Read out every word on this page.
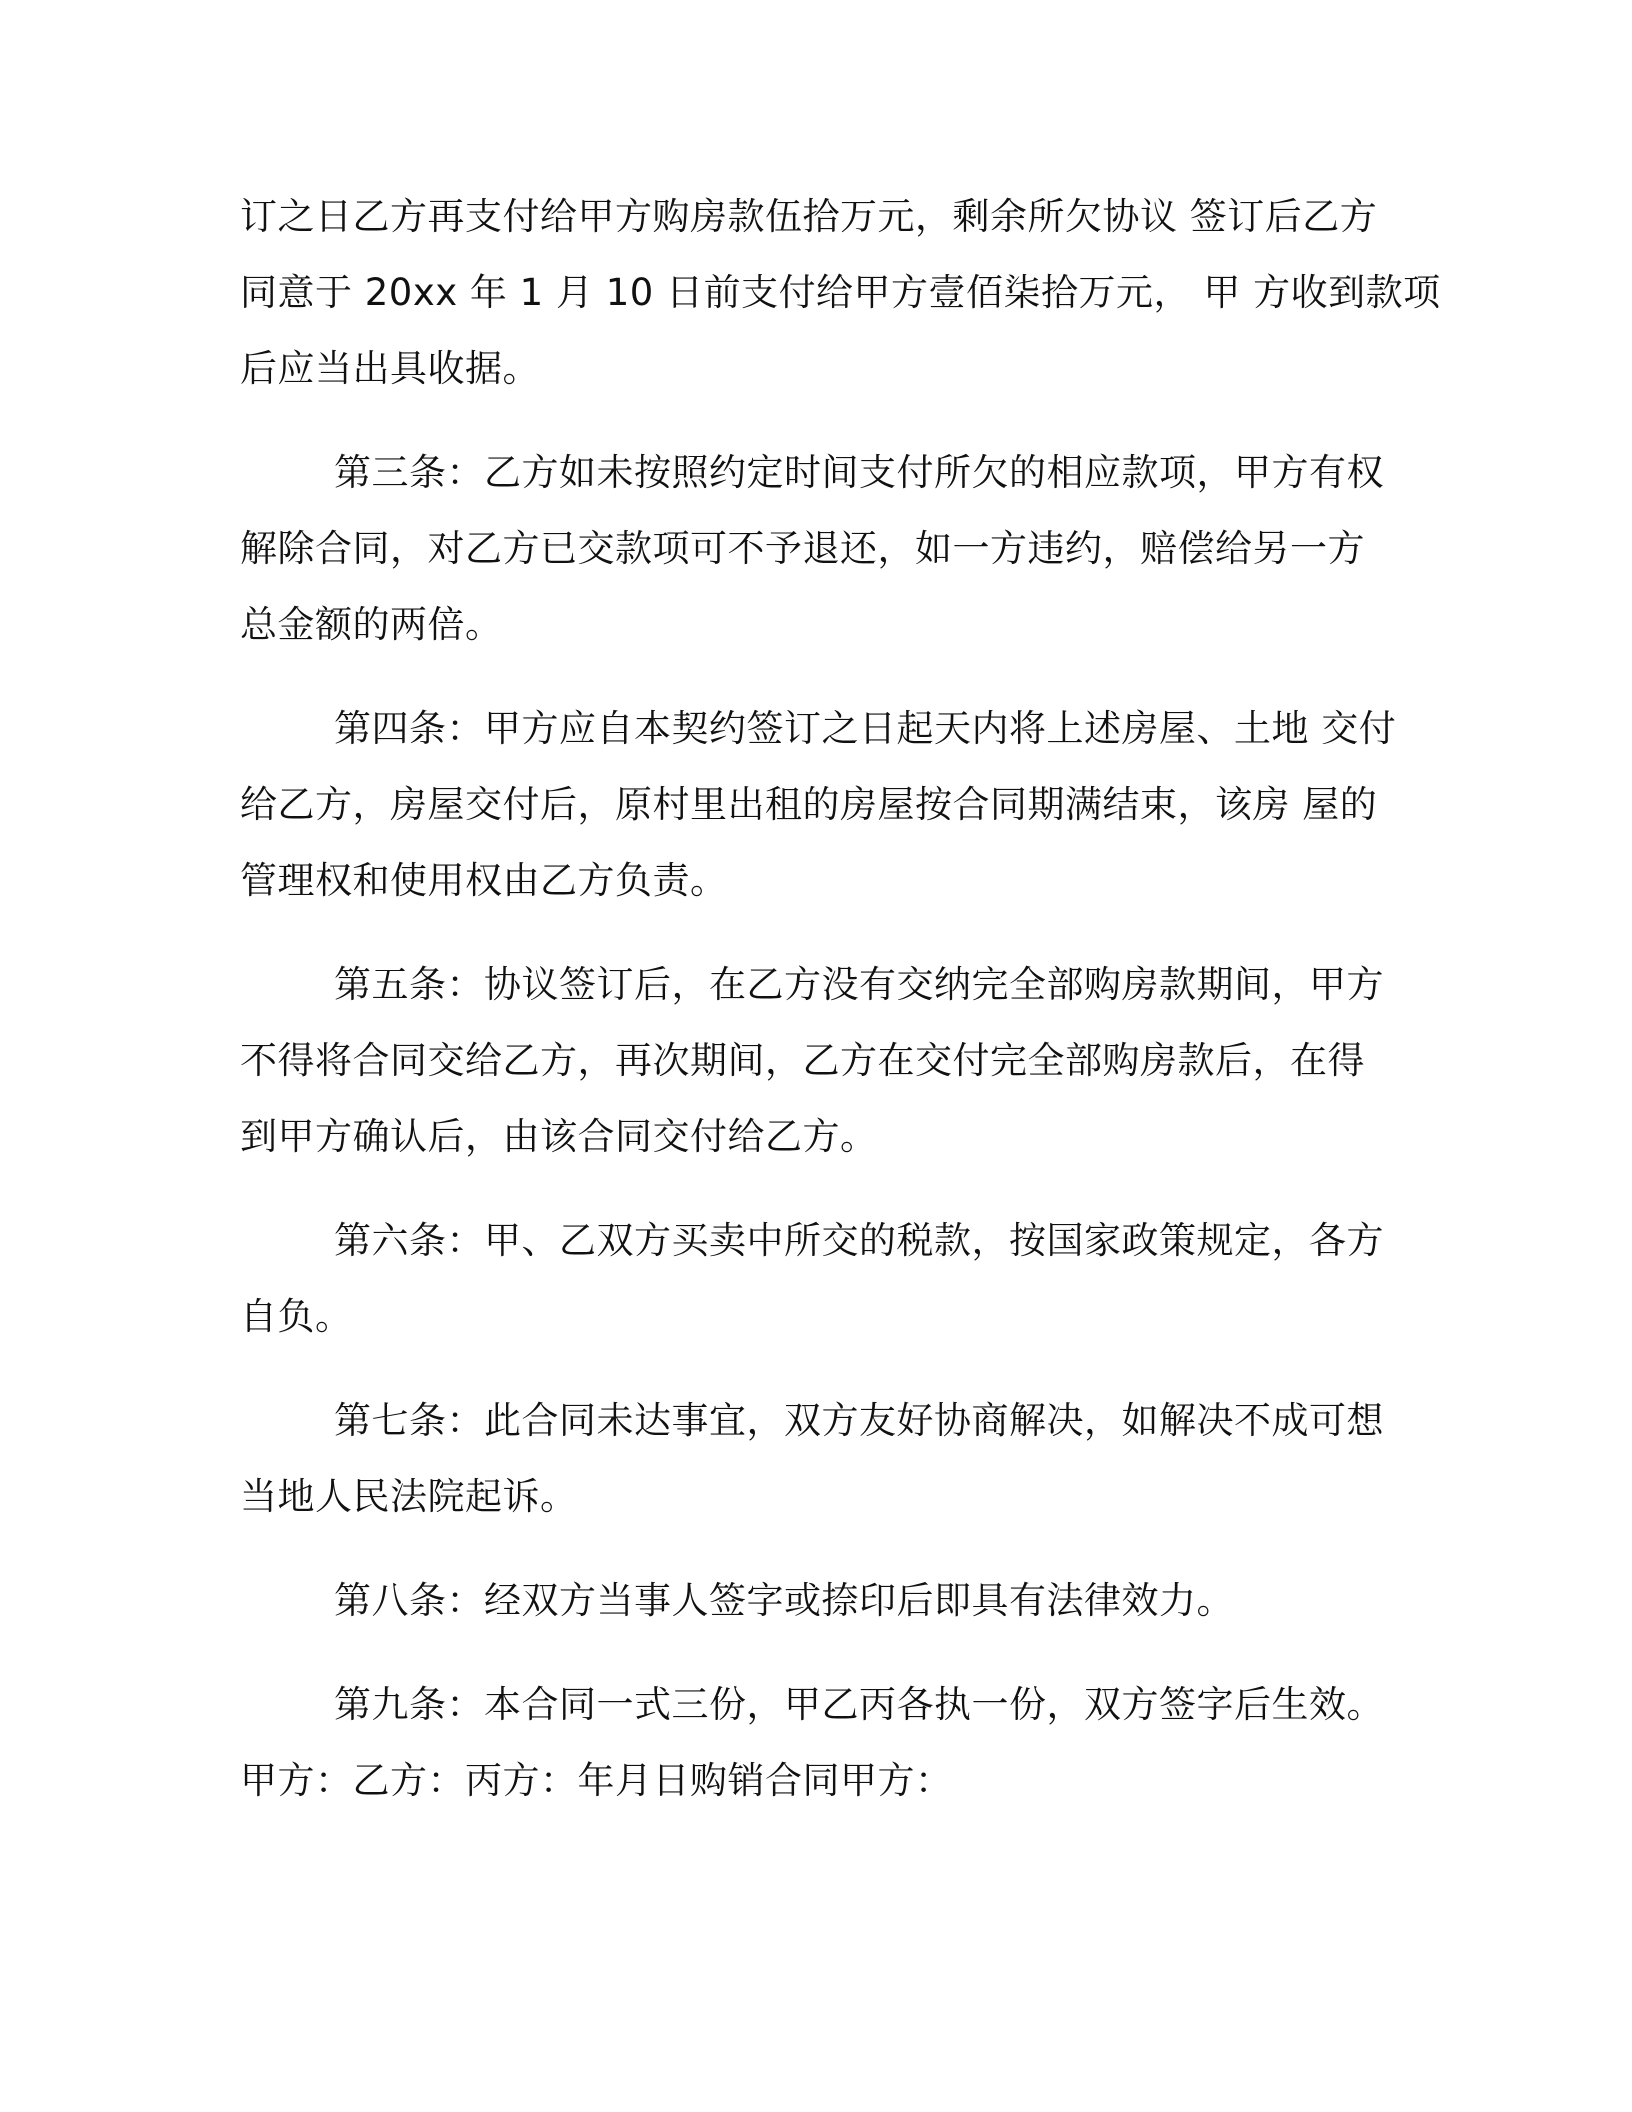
订之日乙方再支付给甲方购房款伍拾万元，剩余所欠协议 签订后乙方
同意于 20xx 年 1 月 10 日前支付给甲方壹佰柒拾万元， 甲 方收到款项
后应当出具收据。
第三条：乙方如未按照约定时间支付所欠的相应款项，甲方有权
解除合同，对乙方已交款项可不予退还，如一方违约，赔偿给另一方
总金额的两倍。
第四条：甲方应自本契约签订之日起天内将上述房屋、土地 交付
给乙方，房屋交付后，原村里出租的房屋按合同期满结束，该房 屋的
管理权和使用权由乙方负责。
第五条：协议签订后，在乙方没有交纳完全部购房款期间，甲方
不得将合同交给乙方，再次期间，乙方在交付完全部购房款后，在得
到甲方确认后，由该合同交付给乙方。
第六条：甲、乙双方买卖中所交的税款，按国家政策规定，各方
自负。
第七条：此合同未达事宜，双方友好协商解决，如解决不成可想
当地人民法院起诉。
第八条：经双方当事人签字或捺印后即具有法律效力。
第九条：本合同一式三份，甲乙丙各执一份，双方签字后生效。
甲方：乙方：丙方：年月日购销合同甲方：
